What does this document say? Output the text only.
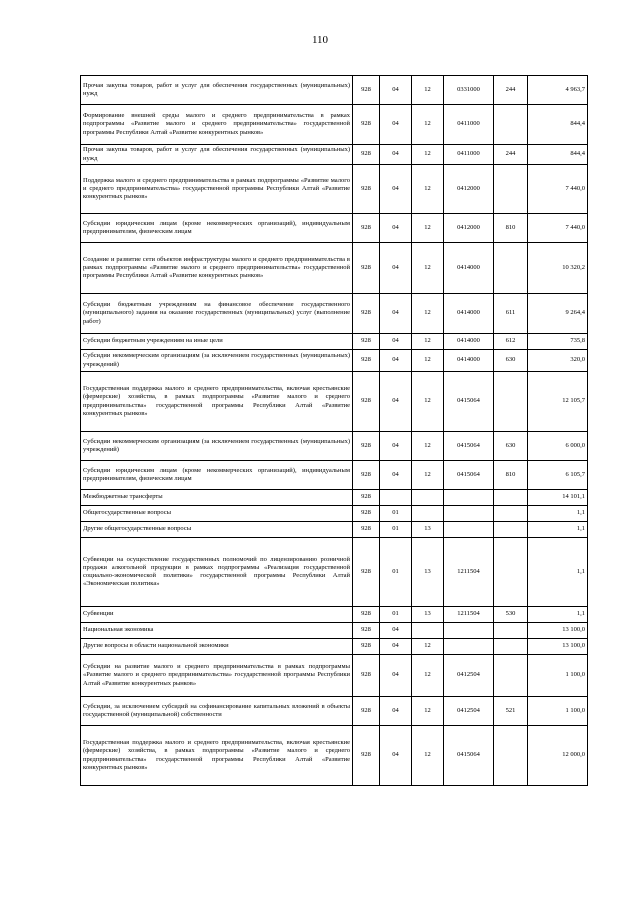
110
Прочая закупка товаров, работ и услуг для обеспечения государственных (муниципальных) нужд	928	04	12	0331000	244	4 963,7
Формирование внешней среды малого и среднего предпринимательства в рамках подпрограммы «Развитие малого и среднего предпринимательства» государственной программы Республики Алтай «Развитие конкурентных рынков»	928	04	12	0411000		844,4
Прочая закупка товаров, работ и услуг для обеспечения государственных (муниципальных) нужд	928	04	12	0411000	244	844,4
Поддержка малого и среднего предпринимательства в рамках подпрограммы «Развитие малого и среднего предпринимательства» государственной программы Республики Алтай «Развитие конкурентных рынков»	928	04	12	0412000		7 440,0
Субсидии юридическим лицам (кроме некоммерческих организаций), индивидуальным предпринимателям, физическим лицам	928	04	12	0412000	810	7 440,0
Создание и развитие сети объектов инфраструктуры малого и среднего предпринимательства в рамках подпрограммы «Развитие малого и среднего предпринимательства» государственной программы Республики Алтай «Развитие конкурентных рынков»	928	04	12	0414000		10 320,2
Субсидии бюджетным учреждениям на финансовое обеспечение государственного (муниципального) задания на оказание государственных (муниципальных) услуг (выполнение работ)	928	04	12	0414000	611	9 264,4
Субсидии бюджетным учреждениям на иные цели	928	04	12	0414000	612	735,8
Субсидии некоммерческим организациям (за исключением государственных (муниципальных) учреждений)	928	04	12	0414000	630	320,0
Государственная поддержка малого и среднего предпринимательства, включая крестьянские (фермерские) хозяйства, в рамках подпрограммы «Развитие малого и среднего предпринимательства» государственной программы Республики Алтай «Развитие конкурентных рынков»	928	04	12	0415064		12 105,7
Субсидии некоммерческим организациям (за исключением государственных (муниципальных) учреждений)	928	04	12	0415064	630	6 000,0
Субсидии юридическим лицам (кроме некоммерческих организаций), индивидуальным предпринимателям, физическим лицам	928	04	12	0415064	810	6 105,7
Межбюджетные трансферты	928					14 101,1
Общегосударственные вопросы	928	01				1,1
Другие общегосударственные вопросы	928	01	13			1,1
Субвенции на осуществление государственных полномочий по лицензированию розничной продажи алкогольной продукции в рамках подпрограммы «Реализация государственной социально-экономической политики» государственной программы Республики Алтай «Экономическая политика»	928	01	13	1211504		1,1
Субвенции	928	01	13	1211504	530	1,1
Национальная экономика	928	04				13 100,0
Другие вопросы в области национальной экономики	928	04	12			13 100,0
Субсидии на развитие малого и среднего предпринимательства в рамках подпрограммы «Развитие малого и среднего предпринимательства» государственной программы Республики Алтай «Развитие конкурентных рынков»	928	04	12	0412504		1 100,0
Субсидии, за исключением субсидий на софинансирование капитальных вложений в объекты государственной (муниципальной) собственности	928	04	12	0412504	521	1 100,0
Государственная поддержка малого и среднего предпринимательства, включая крестьянские (фермерские) хозяйства, в рамках подпрограммы «Развитие малого и среднего предпринимательства» государственной программы Республики Алтай «Развитие конкурентных рынков»	928	04	12	0415064		12 000,0
